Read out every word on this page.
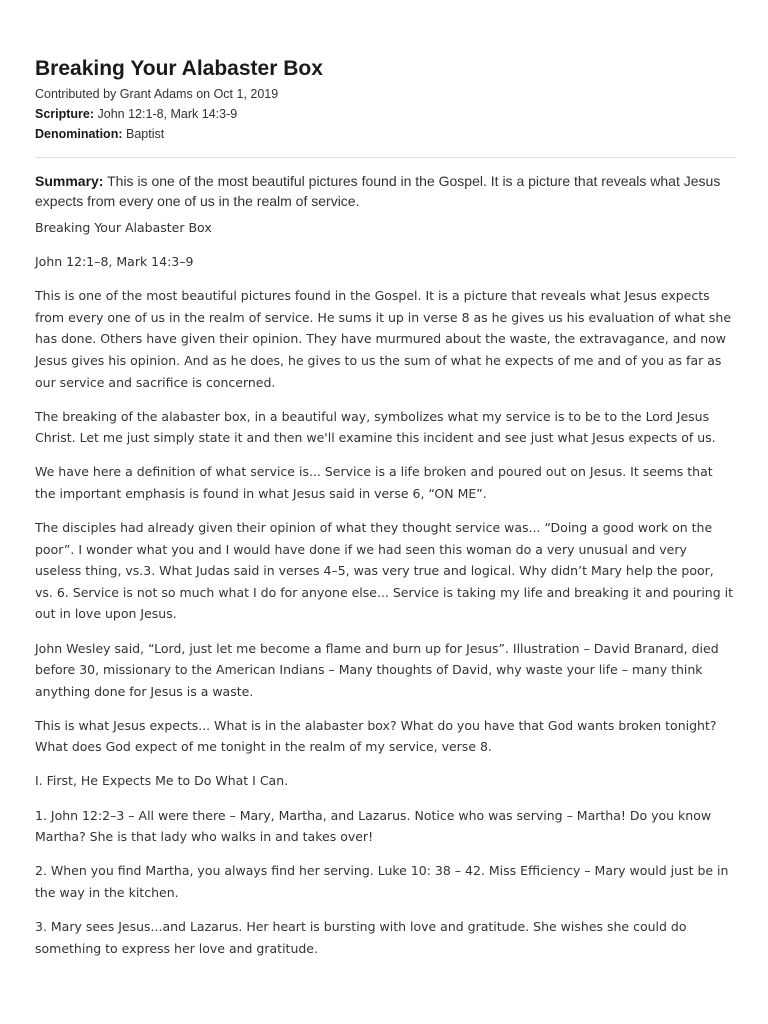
Breaking Your Alabaster Box
Contributed by Grant Adams on Oct 1, 2019
Scripture: John 12:1-8, Mark 14:3-9
Denomination: Baptist

Summary: This is one of the most beautiful pictures found in the Gospel. It is a picture that reveals what Jesus expects from every one of us in the realm of service.

Breaking Your Alabaster Box

John 12:1–8, Mark 14:3–9

This is one of the most beautiful pictures found in the Gospel. It is a picture that reveals what Jesus expects from every one of us in the realm of service. He sums it up in verse 8 as he gives us his evaluation of what she has done. Others have given their opinion. They have murmured about the waste, the extravagance, and now Jesus gives his opinion. And as he does, he gives to us the sum of what he expects of me and of you as far as our service and sacrifice is concerned.

The breaking of the alabaster box, in a beautiful way, symbolizes what my service is to be to the Lord Jesus Christ. Let me just simply state it and then we'll examine this incident and see just what Jesus expects of us.

We have here a definition of what service is... Service is a life broken and poured out on Jesus. It seems that the important emphasis is found in what Jesus said in verse 6, “ON ME”.

The disciples had already given their opinion of what they thought service was... “Doing a good work on the poor”. I wonder what you and I would have done if we had seen this woman do a very unusual and very useless thing, vs.3. What Judas said in verses 4–5, was very true and logical. Why didn’t Mary help the poor, vs. 6. Service is not so much what I do for anyone else... Service is taking my life and breaking it and pouring it out in love upon Jesus.

John Wesley said, “Lord, just let me become a flame and burn up for Jesus”. Illustration – David Branard, died before 30, missionary to the American Indians – Many thoughts of David, why waste your life – many think anything done for Jesus is a waste.

This is what Jesus expects... What is in the alabaster box? What do you have that God wants broken tonight? What does God expect of me tonight in the realm of my service, verse 8.

I. First, He Expects Me to Do What I Can.

1. John 12:2–3 – All were there – Mary, Martha, and Lazarus. Notice who was serving – Martha! Do you know Martha? She is that lady who walks in and takes over!

2. When you find Martha, you always find her serving. Luke 10: 38 – 42. Miss Efficiency – Mary would just be in the way in the kitchen.

3. Mary sees Jesus...and Lazarus. Her heart is bursting with love and gratitude. She wishes she could do something to express her love and gratitude.
